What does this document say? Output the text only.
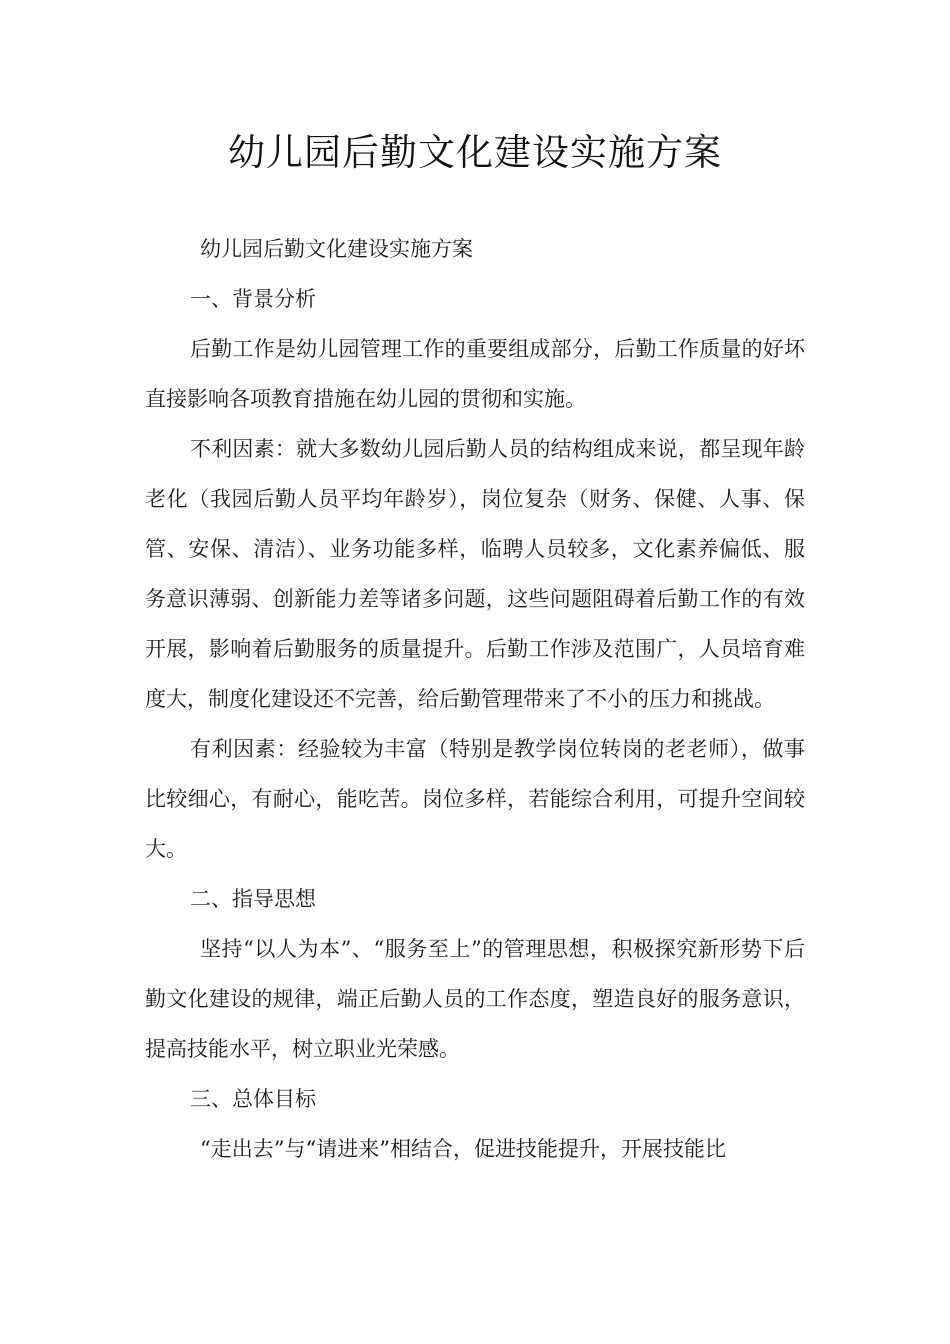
幼儿园后勤文化建设实施方案

幼儿园后勤文化建设实施方案

一、背景分析

后勤工作是幼儿园管理工作的重要组成部分，后勤工作质量的好坏直接影响各项教育措施在幼儿园的贯彻和实施。

不利因素：就大多数幼儿园后勤人员的结构组成来说，都呈现年龄老化（我园后勤人员平均年龄岁），岗位复杂（财务、保健、人事、保管、安保、清洁）、业务功能多样，临聘人员较多，文化素养偏低、服务意识薄弱、创新能力差等诸多问题，这些问题阻碍着后勤工作的有效开展，影响着后勤服务的质量提升。后勤工作涉及范围广，人员培育难度大，制度化建设还不完善，给后勤管理带来了不小的压力和挑战。

有利因素：经验较为丰富（特别是教学岗位转岗的老老师），做事比较细心，有耐心，能吃苦。岗位多样，若能综合利用，可提升空间较大。

二、指导思想

坚持“以人为本”、“服务至上”的管理思想，积极探究新形势下后勤文化建设的规律，端正后勤人员的工作态度，塑造良好的服务意识，提高技能水平，树立职业光荣感。

三、总体目标

“走出去”与“请进来”相结合，促进技能提升，开展技能比
